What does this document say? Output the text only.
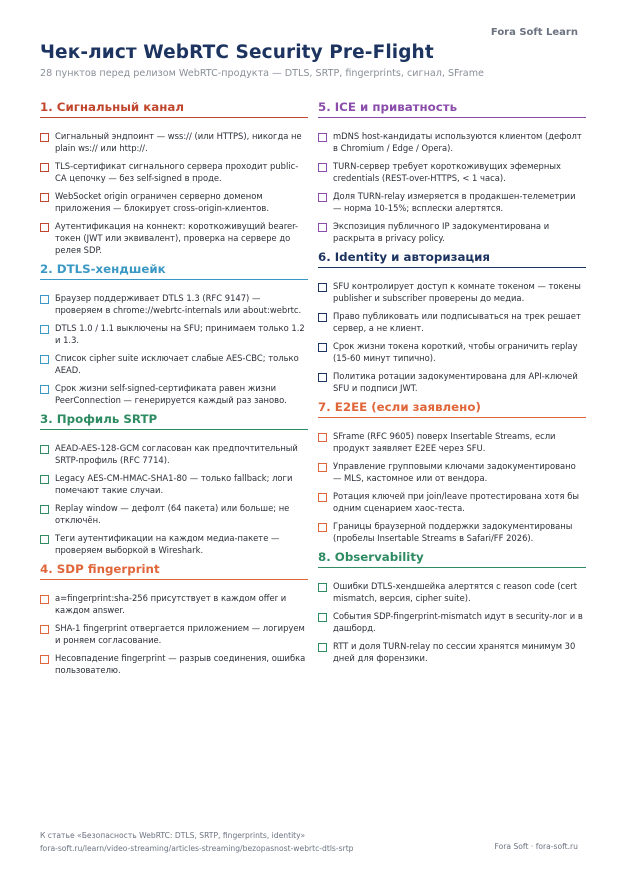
Fora Soft Learn
Чек-лист WebRTC Security Pre-Flight
28 пунктов перед релизом WebRTC-продукта — DTLS, SRTP, fingerprints, сигнал, SFrame
1. Сигнальный канал
Сигнальный эндпоинт — wss:// (или HTTPS), никогда не plain ws:// или http://.
TLS-сертификат сигнального сервера проходит public-CA цепочку — без self-signed в проде.
WebSocket origin ограничен серверно доменом приложения — блокирует cross-origin-клиентов.
Аутентификация на коннект: короткоживущий bearer-токен (JWT или эквивалент), проверка на сервере до релея SDP.
2. DTLS-хендшейк
Браузер поддерживает DTLS 1.3 (RFC 9147) — проверяем в chrome://webrtc-internals или about:webrtc.
DTLS 1.0 / 1.1 выключены на SFU; принимаем только 1.2 и 1.3.
Список cipher suite исключает слабые AES-CBC; только AEAD.
Срок жизни self-signed-сертификата равен жизни PeerConnection — генерируется каждый раз заново.
3. Профиль SRTP
AEAD-AES-128-GCM согласован как предпочтительный SRTP-профиль (RFC 7714).
Legacy AES-CM-HMAC-SHA1-80 — только fallback; логи помечают такие случаи.
Replay window — дефолт (64 пакета) или больше; не отключён.
Теги аутентификации на каждом медиа-пакете — проверяем выборкой в Wireshark.
4. SDP fingerprint
a=fingerprint:sha-256 присутствует в каждом offer и каждом answer.
SHA-1 fingerprint отвергается приложением — логируем и роняем согласование.
Несовпадение fingerprint — разрыв соединения, ошибка пользователю.
5. ICE и приватность
mDNS host-кандидаты используются клиентом (дефолт в Chromium / Edge / Opera).
TURN-сервер требует короткоживущих эфемерных credentials (REST-over-HTTPS, < 1 часа).
Доля TURN-relay измеряется в продакшен-телеметрии — норма 10-15%; всплески алертятся.
Экспозиция публичного IP задокументирована и раскрыта в privacy policy.
6. Identity и авторизация
SFU контролирует доступ к комнате токеном — токены publisher и subscriber проверены до медиа.
Право публиковать или подписываться на трек решает сервер, а не клиент.
Срок жизни токена короткий, чтобы ограничить replay (15-60 минут типично).
Политика ротации задокументирована для API-ключей SFU и подписи JWT.
7. E2EE (если заявлено)
SFrame (RFC 9605) поверх Insertable Streams, если продукт заявляет E2EE через SFU.
Управление групповыми ключами задокументировано — MLS, кастомное или от вендора.
Ротация ключей при join/leave протестирована хотя бы одним сценарием хаос-теста.
Границы браузерной поддержки задокументированы (пробелы Insertable Streams в Safari/FF 2026).
8. Observability
Ошибки DTLS-хендшейка алертятся с reason code (cert mismatch, версия, cipher suite).
События SDP-fingerprint-mismatch идут в security-лог и в дашборд.
RTT и доля TURN-relay по сессии хранятся минимум 30 дней для форензики.
К статье «Безопасность WebRTC: DTLS, SRTP, fingerprints, identity»
fora-soft.ru/learn/video-streaming/articles-streaming/bezopasnost-webrtc-dtls-srtp	Fora Soft · fora-soft.ru
